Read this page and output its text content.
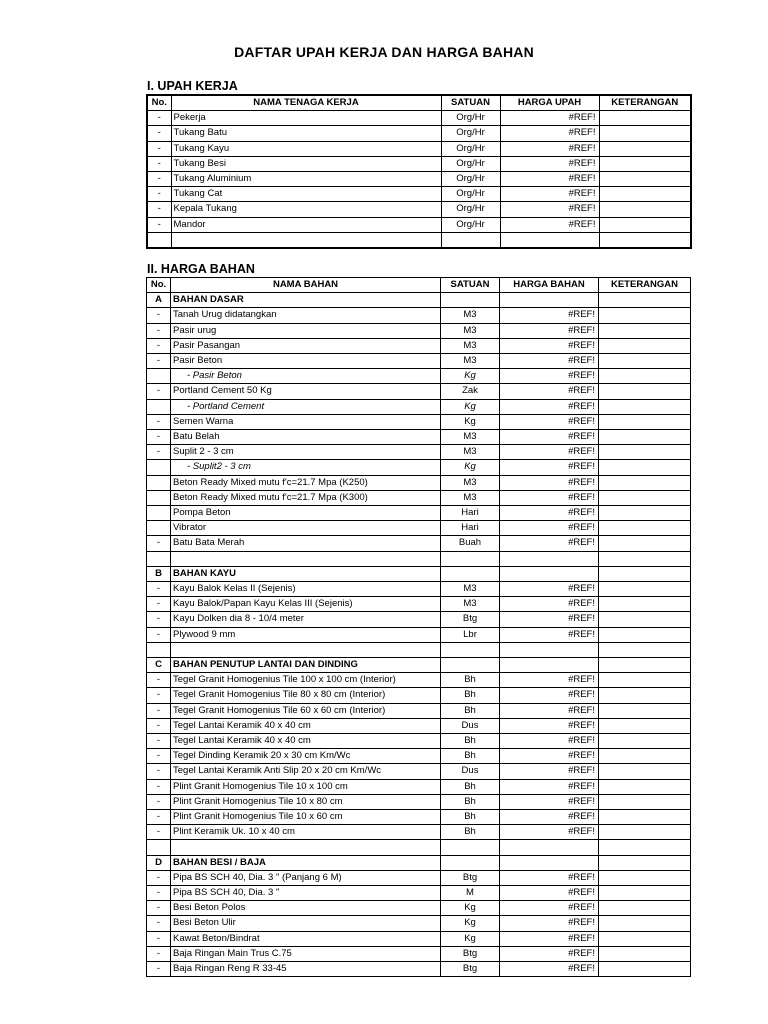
DAFTAR UPAH KERJA DAN HARGA BAHAN
I. UPAH KERJA
No.	NAMA TENAGA KERJA	SATUAN	HARGA UPAH	KETERANGAN
-	Pekerja	Org/Hr	#REF!	
-	Tukang Batu	Org/Hr	#REF!	
-	Tukang Kayu	Org/Hr	#REF!	
-	Tukang Besi	Org/Hr	#REF!	
-	Tukang Aluminium	Org/Hr	#REF!	
-	Tukang Cat	Org/Hr	#REF!	
-	Kepala Tukang	Org/Hr	#REF!	
-	Mandor	Org/Hr	#REF!	

II. HARGA BAHAN
No.	NAMA BAHAN	SATUAN	HARGA BAHAN	KETERANGAN
A	BAHAN DASAR			
-	Tanah Urug didatangkan	M3	#REF!	
-	Pasir urug	M3	#REF!	
-	Pasir Pasangan	M3	#REF!	
-	Pasir Beton	M3	#REF!	
	- Pasir Beton	Kg	#REF!	
-	Portland Cement 50 Kg	Zak	#REF!	
	- Portland Cement	Kg	#REF!	
-	Semen Warna	Kg	#REF!	
-	Batu Belah	M3	#REF!	
-	Suplit 2 - 3 cm	M3	#REF!	
	- Suplit2 - 3 cm	Kg	#REF!	
	Beton Ready Mixed mutu f'c=21.7 Mpa (K250)	M3	#REF!	
	Beton Ready Mixed mutu f'c=21.7 Mpa (K300)	M3	#REF!	
	Pompa Beton	Hari	#REF!	
	Vibrator	Hari	#REF!	
-	Batu Bata Merah	Buah	#REF!	

B	BAHAN KAYU			
-	Kayu Balok Kelas II (Sejenis)	M3	#REF!	
-	Kayu Balok/Papan Kayu Kelas III (Sejenis)	M3	#REF!	
-	Kayu Dolken dia 8 - 10/4 meter	Btg	#REF!	
-	Plywood 9 mm	Lbr	#REF!	

C	BAHAN PENUTUP LANTAI DAN DINDING			
-	Tegel Granit Homogenius Tile 100 x 100 cm (Interior)	Bh	#REF!	
-	Tegel Granit Homogenius Tile 80 x 80 cm (Interior)	Bh	#REF!	
-	Tegel Granit Homogenius Tile 60 x 60 cm (Interior)	Bh	#REF!	
-	Tegel Lantai Keramik 40 x 40 cm	Dus	#REF!	
-	Tegel Lantai Keramik 40 x 40 cm	Bh	#REF!	
-	Tegel Dinding Keramik 20 x 30 cm Km/Wc	Bh	#REF!	
-	Tegel Lantai Keramik Anti Slip 20 x 20 cm Km/Wc	Dus	#REF!	
-	Plint Granit Homogenius Tile 10 x 100 cm	Bh	#REF!	
-	Plint Granit Homogenius Tile 10 x 80 cm	Bh	#REF!	
-	Plint Granit Homogenius Tile 10 x 60 cm	Bh	#REF!	
-	Plint Keramik Uk. 10 x 40 cm	Bh	#REF!	

D	BAHAN BESI / BAJA			
-	Pipa BS SCH 40, Dia. 3 " (Panjang 6 M)	Btg	#REF!	
-	Pipa BS SCH 40, Dia. 3 "	M	#REF!	
-	Besi Beton Polos	Kg	#REF!	
-	Besi Beton Ulir	Kg	#REF!	
-	Kawat Beton/Bindrat	Kg	#REF!	
-	Baja Ringan Main Trus C.75	Btg	#REF!	
-	Baja Ringan Reng R 33-45	Btg	#REF!	
